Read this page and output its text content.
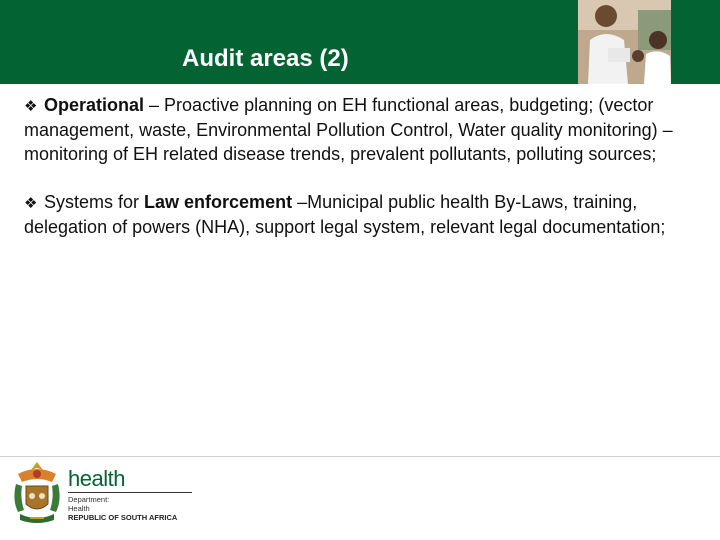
Audit areas (2)

❖ Operational – Proactive planning on EH functional areas, budgeting; (vector management, waste, Environmental Pollution Control, Water quality monitoring) – monitoring of EH related disease trends, prevalent pollutants, polluting sources;

❖ Systems for Law enforcement –Municipal public health By-Laws, training, delegation of powers (NHA), support legal system, relevant legal documentation;

health
Department:
Health
REPUBLIC OF SOUTH AFRICA
